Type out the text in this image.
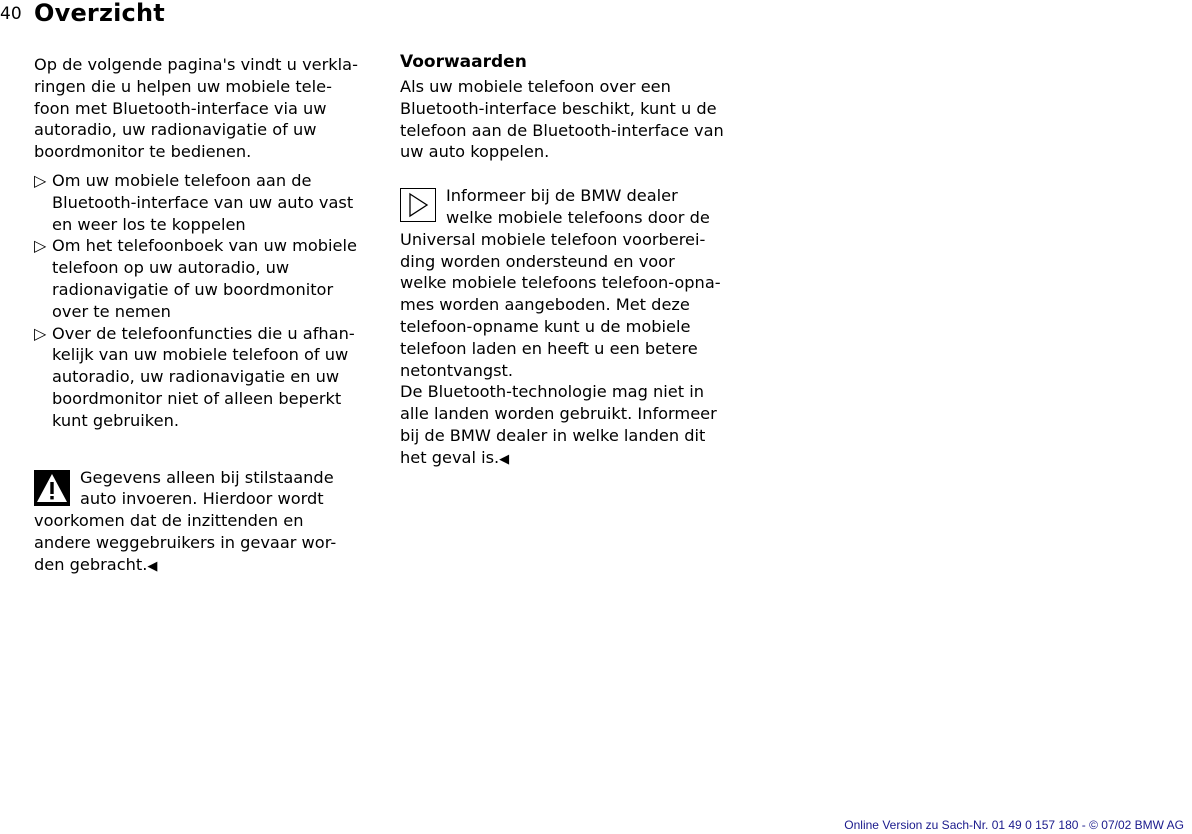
40 Overzicht

Op de volgende pagina's vindt u verkla-
ringen die u helpen uw mobiele tele-
foon met Bluetooth-interface via uw
autoradio, uw radionavigatie of uw
boordmonitor te bedienen.

▷ Om uw mobiele telefoon aan de
Bluetooth-interface van uw auto vast
en weer los te koppelen
▷ Om het telefoonboek van uw mobiele
telefoon op uw autoradio, uw
radionavigatie of uw boordmonitor
over te nemen
▷ Over de telefoonfuncties die u afhan-
kelijk van uw mobiele telefoon of uw
autoradio, uw radionavigatie en uw
boordmonitor niet of alleen beperkt
kunt gebruiken.
Gegevens alleen bij stilstaande
auto invoeren. Hierdoor wordt
voorkomen dat de inzittenden en
andere weggebruikers in gevaar wor-
den gebracht.◀
Voorwaarden

Als uw mobiele telefoon over een
Bluetooth-interface beschikt, kunt u de
telefoon aan de Bluetooth-interface van
uw auto koppelen.

Informeer bij de BMW dealer
welke mobiele telefoons door de
Universal mobiele telefoon voorberei-
ding worden ondersteund en voor
welke mobiele telefoons telefoon-opna-
mes worden aangeboden. Met deze
telefoon-opname kunt u de mobiele
telefoon laden en heeft u een betere
netontvangst.
De Bluetooth-technologie mag niet in
alle landen worden gebruikt. Informeer
bij de BMW dealer in welke landen dit
het geval is.◀
Online Version zu Sach-Nr. 01 49 0 157 180 - © 07/02 BMW AG
